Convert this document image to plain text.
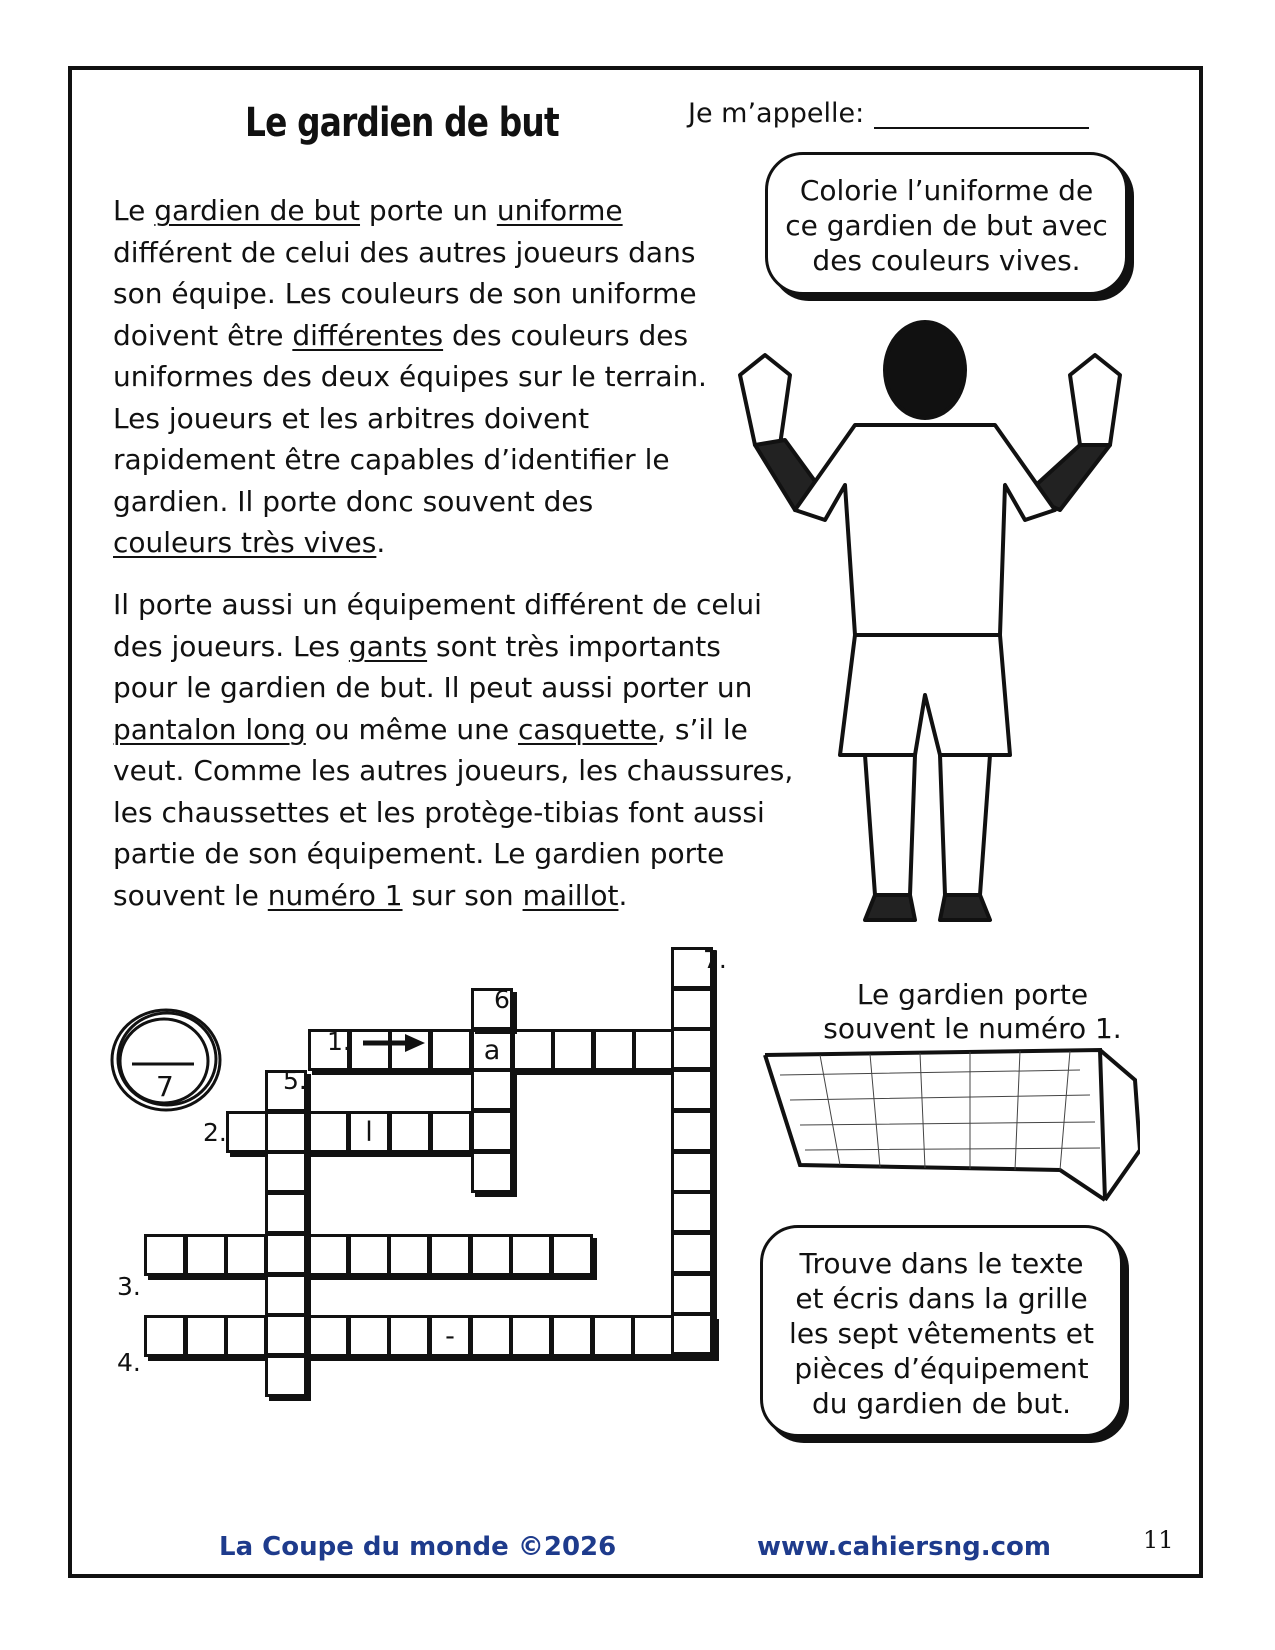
Le gardien de but	Je m’appelle:
Le gardien de but porte un uniforme
différent de celui des autres joueurs dans
son équipe. Les couleurs de son uniforme
doivent être différentes des couleurs des
uniformes des deux équipes sur le terrain.
Les joueurs et les arbitres doivent
rapidement être capables d’identifier le
gardien. Il porte donc souvent des
couleurs très vives.
Il porte aussi un équipement différent de celui
des joueurs. Les gants sont très importants
pour le gardien de but. Il peut aussi porter un
pantalon long ou même une casquette, s’il le
veut. Comme les autres joueurs, les chaussures,
les chaussettes et les protège-tibias font aussi
partie de son équipement. Le gardien porte
souvent le numéro 1 sur son maillot.
Colorie l’uniforme de
ce gardien de but avec
des couleurs vives.
Le gardien porte
souvent le numéro 1.
Trouve dans le texte
et écris dans la grille
les sept vêtements et
pièces d’équipement
du gardien de but.
7
a
l
-
1.
2.
3.
4.
5.
6.
7.
La Coupe du monde ©2026	www.cahiersng.com	11
